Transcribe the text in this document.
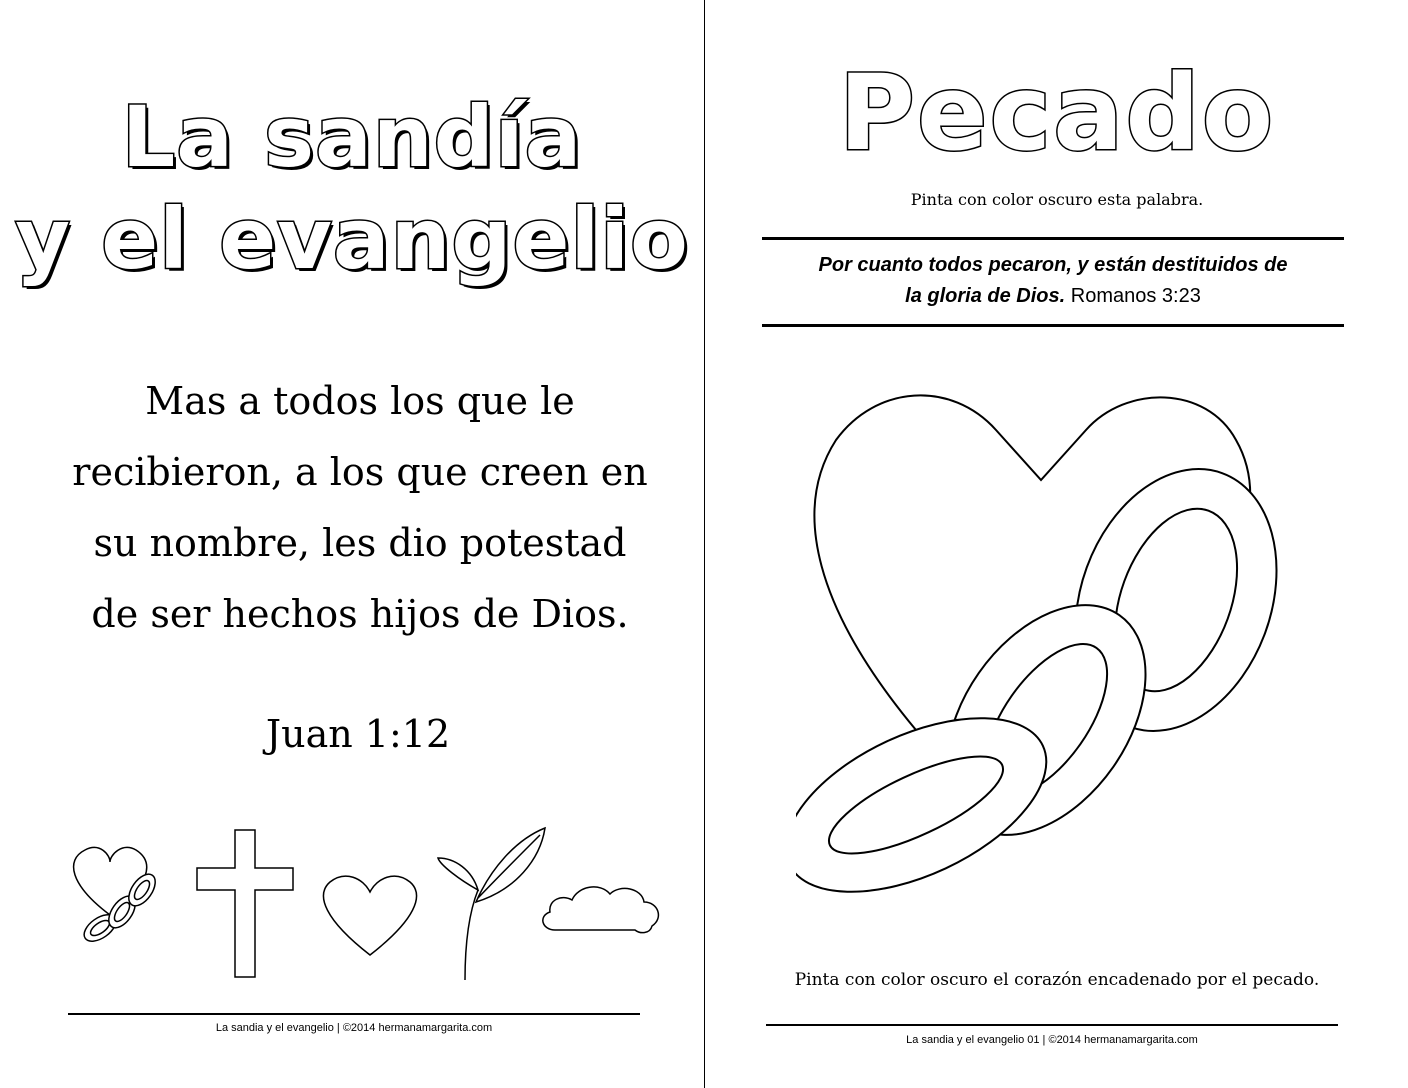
La sandía
y el evangelio
Mas a todos los que le
recibieron, a los que creen en
su nombre, les dio potestad
de ser hechos hijos de Dios.
Juan 1:12
La sandia y el evangelio | ©2014 hermanamargarita.com
Pecado
Pinta con color oscuro esta palabra.
Por cuanto todos pecaron, y están destituidos de
la gloria de Dios. Romanos 3:23
Pinta con color oscuro el corazón encadenado por el pecado.
La sandia y el evangelio 01 | ©2014 hermanamargarita.com
